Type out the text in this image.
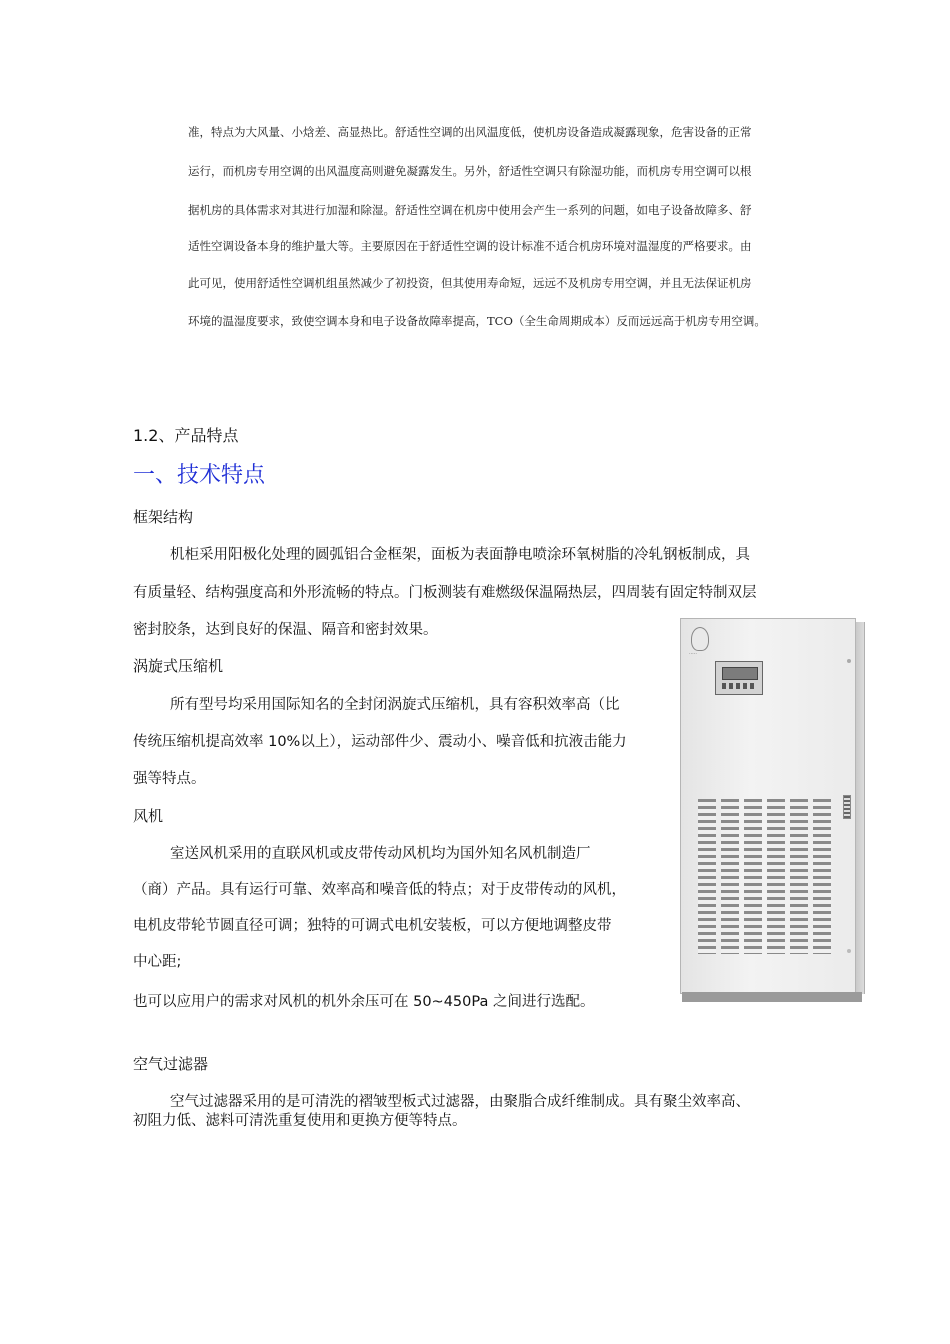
准，特点为大风量、小焓差、高显热比。舒适性空调的出风温度低，使机房设备造成凝露现象，危害设备的正常
运行，而机房专用空调的出风温度高则避免凝露发生。另外，舒适性空调只有除湿功能，而机房专用空调可以根
据机房的具体需求对其进行加湿和除湿。舒适性空调在机房中使用会产生一系列的问题，如电子设备故障多、舒
适性空调设备本身的维护量大等。主要原因在于舒适性空调的设计标准不适合机房环境对温湿度的严格要求。由
此可见，使用舒适性空调机组虽然减少了初投资，但其使用寿命短，远远不及机房专用空调，并且无法保证机房
环境的温湿度要求，致使空调本身和电子设备故障率提高，TCO（全生命周期成本）反而远远高于机房专用空调。
1.2、产品特点
一、技术特点
框架结构
机柜采用阳极化处理的圆弧铝合金框架，面板为表面静电喷涂环氧树脂的冷轧钢板制成，具
有质量轻、结构强度高和外形流畅的特点。门板测装有难燃级保温隔热层，四周装有固定特制双层
密封胶条，达到良好的保温、隔音和密封效果。
涡旋式压缩机
所有型号均采用国际知名的全封闭涡旋式压缩机，具有容积效率高（比
传统压缩机提高效率 10%以上），运动部件少、震动小、噪音低和抗液击能力
强等特点。
风机
室送风机采用的直联风机或皮带传动风机均为国外知名风机制造厂
（商）产品。具有运行可靠、效率高和噪音低的特点；对于皮带传动的风机，
电机皮带轮节圆直径可调；独特的可调式电机安装板，可以方便地调整皮带
中心距;
也可以应用户的需求对风机的机外余压可在 50~450Pa 之间进行选配。
空气过滤器
空气过滤器采用的是可清洗的褶皱型板式过滤器，由聚脂合成纤维制成。具有聚尘效率高、
初阻力低、滤料可清洗重复使用和更换方便等特点。
·····
